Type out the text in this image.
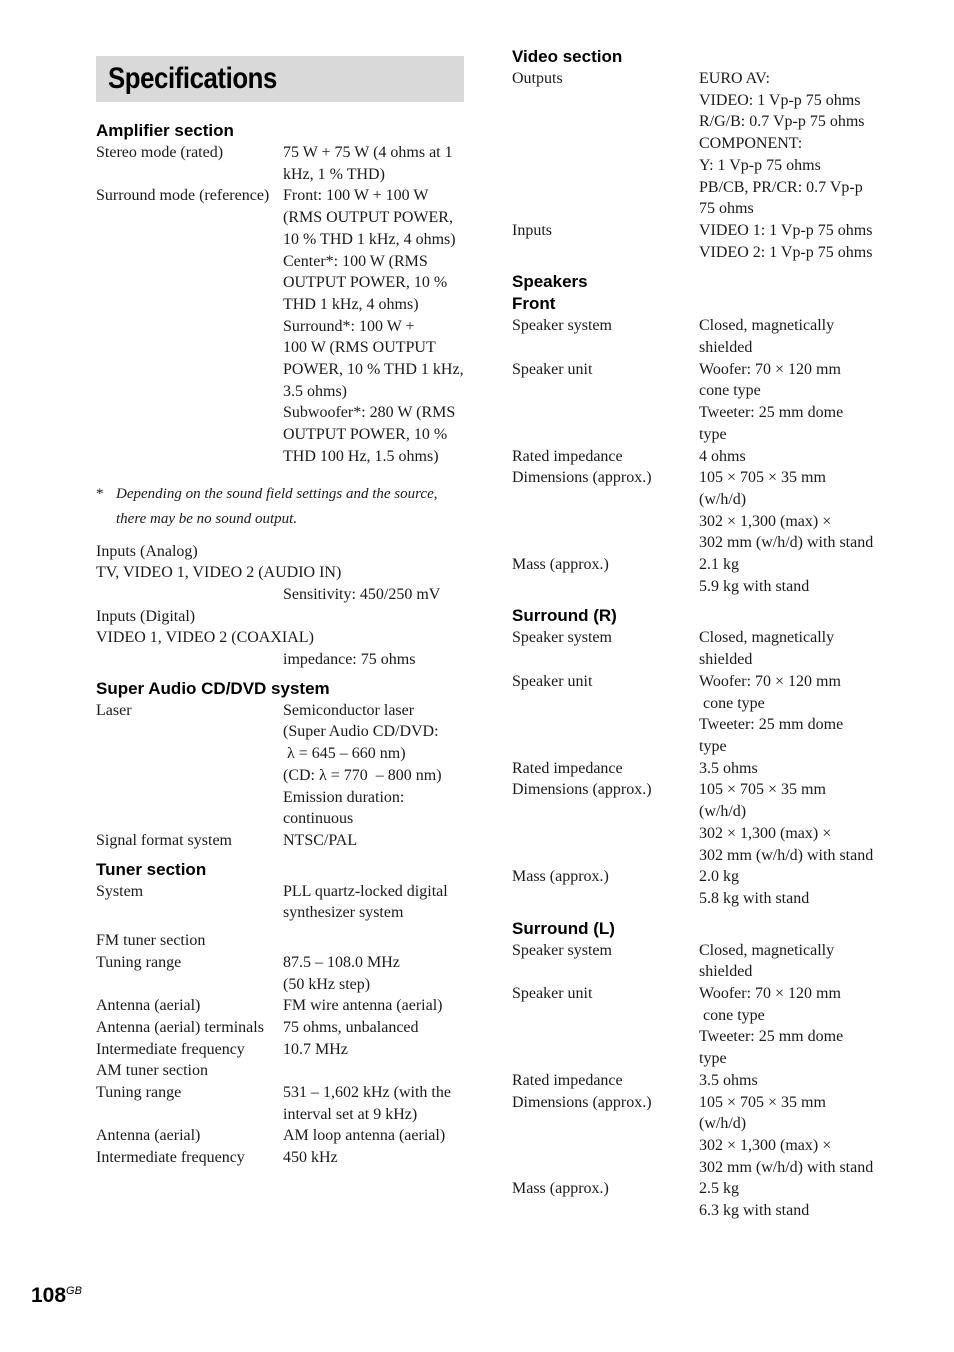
Specifications
Amplifier section
Stereo mode (rated)	75 W + 75 W (4 ohms at 1
kHz, 1 % THD)
Surround mode (reference) Front: 100 W + 100 W
(RMS OUTPUT POWER,
10 % THD 1 kHz, 4 ohms)
Center*: 100 W (RMS
OUTPUT POWER, 10 %
THD 1 kHz, 4 ohms)
Surround*: 100 W +
100 W (RMS OUTPUT
POWER, 10 % THD 1 kHz,
3.5 ohms)
Subwoofer*: 280 W (RMS
OUTPUT POWER, 10 %
THD 100 Hz, 1.5 ohms)
* Depending on the sound field settings and the source,
there may be no sound output.
Inputs (Analog)
TV, VIDEO 1, VIDEO 2 (AUDIO IN)
Sensitivity: 450/250 mV
Inputs (Digital)
VIDEO 1, VIDEO 2 (COAXIAL)
impedance: 75 ohms
Super Audio CD/DVD system
Laser	Semiconductor laser
(Super Audio CD/DVD:
λ = 645 – 660 nm)
(CD: λ = 770  – 800 nm)
Emission duration:
continuous
Signal format system	NTSC/PAL
Tuner section
System	PLL quartz-locked digital
synthesizer system
FM tuner section
Tuning range	87.5 – 108.0 MHz
(50 kHz step)
Antenna (aerial)	FM wire antenna (aerial)
Antenna (aerial) terminals	75 ohms, unbalanced
Intermediate frequency	10.7 MHz
AM tuner section
Tuning range	531 – 1,602 kHz (with the
interval set at 9 kHz)
Antenna (aerial)	AM loop antenna (aerial)
Intermediate frequency	450 kHz
Video section
Outputs	EURO AV:
VIDEO: 1 Vp-p 75 ohms
R/G/B: 0.7 Vp-p 75 ohms
COMPONENT:
Y: 1 Vp-p 75 ohms
PB/CB, PR/CR: 0.7 Vp-p
75 ohms
Inputs	VIDEO 1: 1 Vp-p 75 ohms
VIDEO 2: 1 Vp-p 75 ohms
Speakers
Front
Speaker system	Closed, magnetically
shielded
Speaker unit	Woofer: 70 × 120 mm
cone type
Tweeter: 25 mm dome
type
Rated impedance	4 ohms
Dimensions (approx.)	105 × 705 × 35 mm
(w/h/d)
302 × 1,300 (max) ×
302 mm (w/h/d) with stand
Mass (approx.)	2.1 kg
5.9 kg with stand
Surround (R)
Speaker system	Closed, magnetically
shielded
Speaker unit	Woofer: 70 × 120 mm
cone type
Tweeter: 25 mm dome
type
Rated impedance	3.5 ohms
Dimensions (approx.)	105 × 705 × 35 mm
(w/h/d)
302 × 1,300 (max) ×
302 mm (w/h/d) with stand
Mass (approx.)	2.0 kg
5.8 kg with stand
Surround (L)
Speaker system	Closed, magnetically
shielded
Speaker unit	Woofer: 70 × 120 mm
cone type
Tweeter: 25 mm dome
type
Rated impedance	3.5 ohms
Dimensions (approx.)	105 × 705 × 35 mm
(w/h/d)
302 × 1,300 (max) ×
302 mm (w/h/d) with stand
Mass (approx.)	2.5 kg
6.3 kg with stand
$108^{GB}$
